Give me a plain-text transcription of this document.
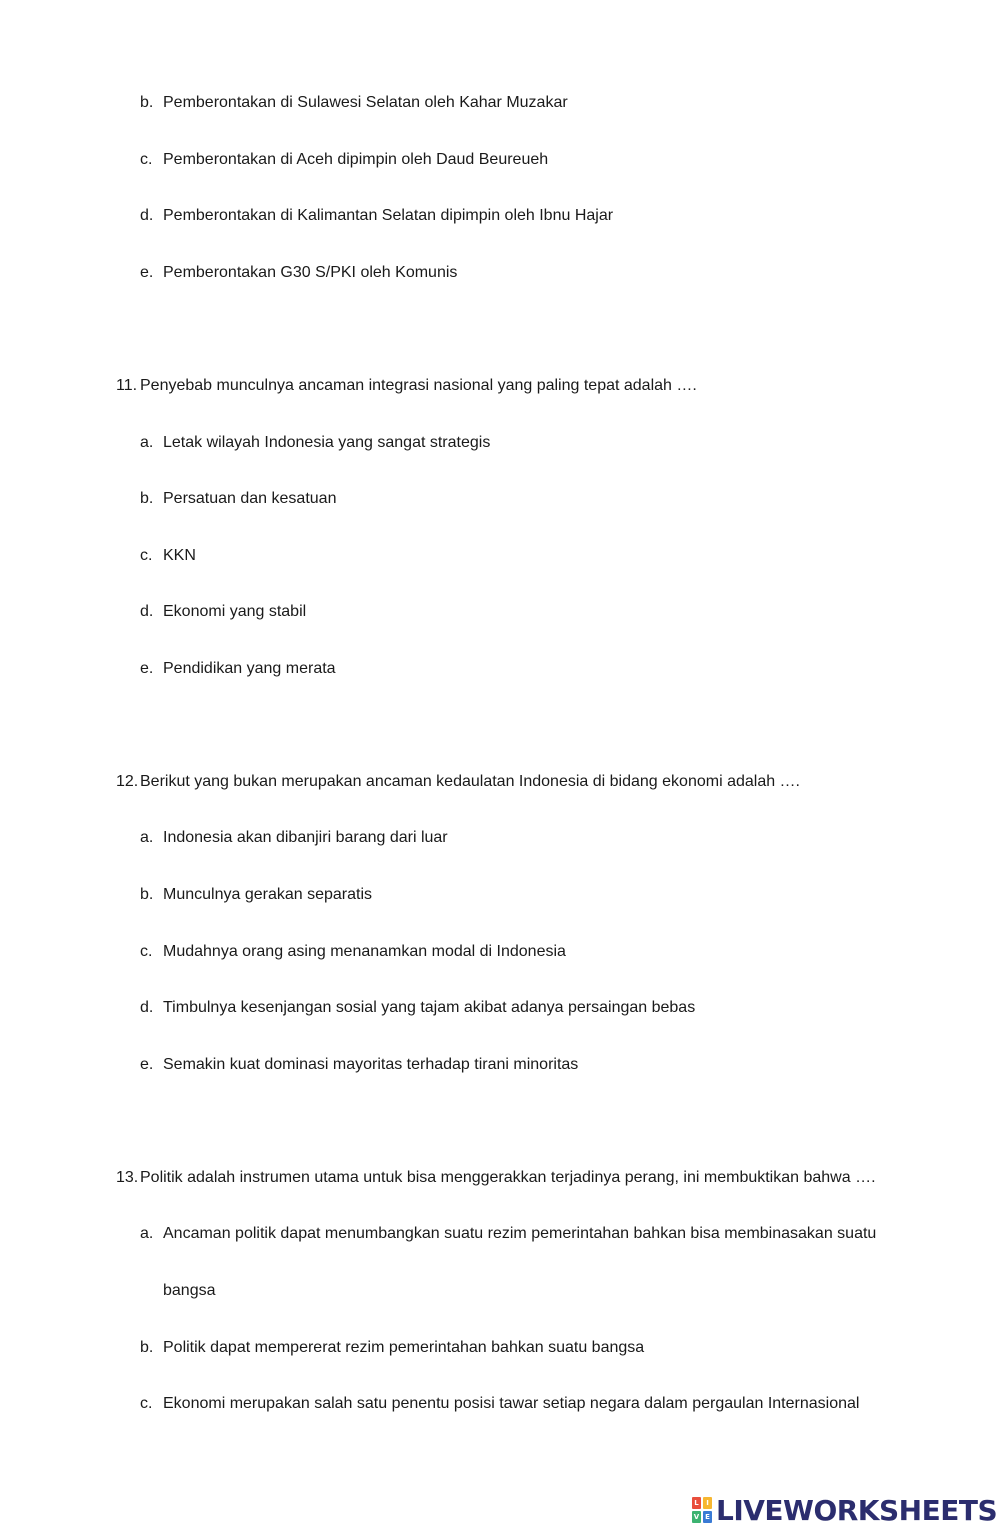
b. Pemberontakan di Sulawesi Selatan oleh Kahar Muzakar
c. Pemberontakan di Aceh dipimpin oleh Daud Beureueh
d. Pemberontakan di Kalimantan Selatan dipimpin oleh Ibnu Hajar
e. Pemberontakan G30 S/PKI oleh Komunis
11. Penyebab munculnya ancaman integrasi nasional yang paling tepat adalah ….
a. Letak wilayah Indonesia yang sangat strategis
b. Persatuan dan kesatuan
c. KKN
d. Ekonomi yang stabil
e. Pendidikan yang merata
12. Berikut yang bukan merupakan ancaman kedaulatan Indonesia di bidang ekonomi adalah ….
a. Indonesia akan dibanjiri barang dari luar
b. Munculnya gerakan separatis
c. Mudahnya orang asing menanamkan modal di Indonesia
d. Timbulnya kesenjangan sosial yang tajam akibat adanya persaingan bebas
e. Semakin kuat dominasi mayoritas terhadap tirani minoritas
13. Politik adalah instrumen utama untuk bisa menggerakkan terjadinya perang, ini membuktikan bahwa ….
a. Ancaman politik dapat menumbangkan suatu rezim pemerintahan bahkan bisa membinasakan suatu
bangsa
b. Politik dapat mempererat rezim pemerintahan bahkan suatu bangsa
c. Ekonomi merupakan salah satu penentu posisi tawar setiap negara dalam pergaulan Internasional
L	I
V E LIVEWORKSHEETS
